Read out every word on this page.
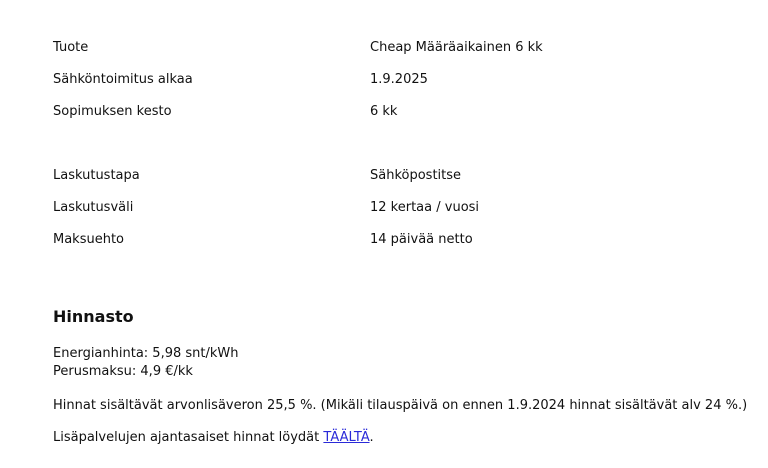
Tuote	Cheap Määräaikainen 6 kk
Sähköntoimitus alkaa	1.9.2025
Sopimuksen kesto	6 kk
Laskutustapa	Sähköpostitse
Laskutusväli	12 kertaa / vuosi
Maksuehto	14 päivää netto
Hinnasto
Energianhinta: 5,98 snt/kWh
Perusmaksu: 4,9 €/kk
Hinnat sisältävät arvonlisäveron 25,5 %. (Mikäli tilauspäivä on ennen 1.9.2024 hinnat sisältävät alv 24 %.)
Lisäpalvelujen ajantasaiset hinnat löydät TÄÄLTÄ.
